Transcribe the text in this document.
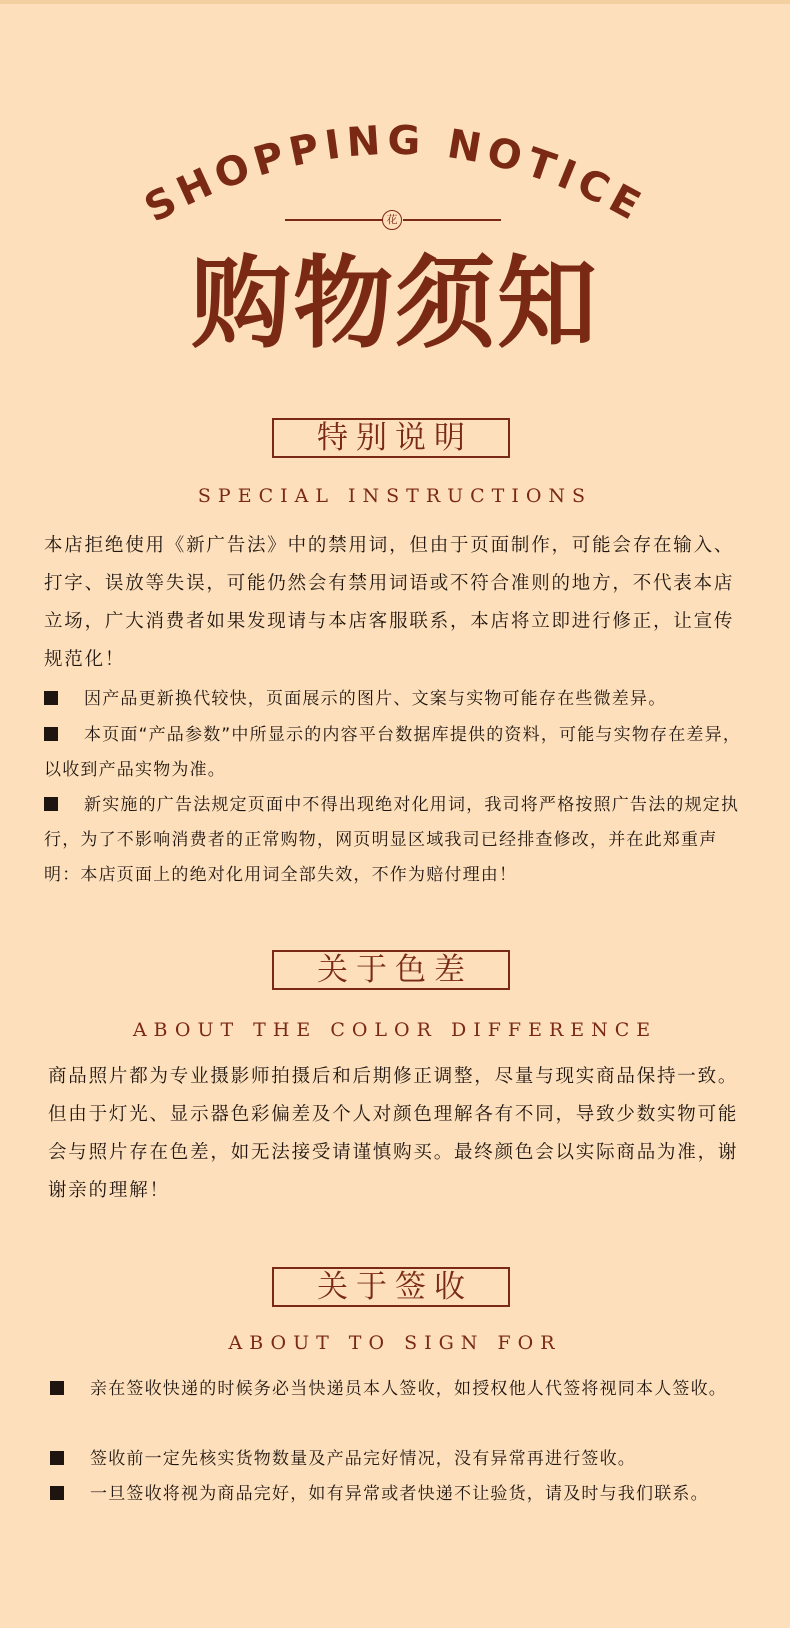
SHOPPING NOTICE
花
购物须知
特别说明
SPECIAL INSTRUCTIONS

本店拒绝使用《新广告法》中的禁用词，但由于页面制作，可能会存在输入、打字、误放等失误，可能仍然会有禁用词语或不符合准则的地方，不代表本店立场，广大消费者如果发现请与本店客服联系，本店将立即进行修正，让宣传规范化！

因产品更新换代较快，页面展示的图片、文案与实物可能存在些微差异。
本页面“产品参数”中所显示的内容平台数据库提供的资料，可能与实物存在差异，以收到产品实物为准。
新实施的广告法规定页面中不得出现绝对化用词，我司将严格按照广告法的规定执行，为了不影响消费者的正常购物，网页明显区域我司已经排查修改，并在此郑重声明：本店页面上的绝对化用词全部失效，不作为赔付理由！
关于色差
ABOUT THE COLOR DIFFERENCE

商品照片都为专业摄影师拍摄后和后期修正调整，尽量与现实商品保持一致。但由于灯光、显示器色彩偏差及个人对颜色理解各有不同，导致少数实物可能会与照片存在色差，如无法接受请谨慎购买。最终颜色会以实际商品为准，谢谢亲的理解！

关于签收
ABOUT TO SIGN FOR
亲在签收快递的时候务必当快递员本人签收，如授权他人代签将视同本人签收。
签收前一定先核实货物数量及产品完好情况，没有异常再进行签收。
一旦签收将视为商品完好，如有异常或者快递不让验货，请及时与我们联系。
